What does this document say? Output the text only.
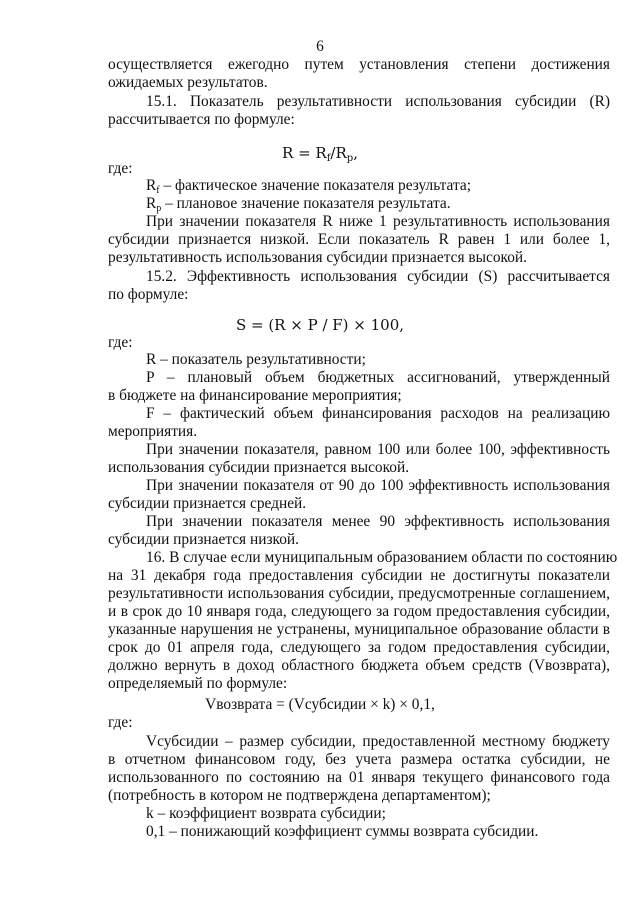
6
осуществляется ежегодно путем установления степени достижения
ожидаемых результатов.
15.1. Показатель результативности использования субсидии (R)
рассчитывается по формуле:
$R = R_f/R_p$,
где:
$R_f$ – фактическое значение показателя результата;
$R_p$ – плановое значение показателя результата.
При значении показателя R ниже 1 результативность использования
субсидии признается низкой. Если показатель R равен 1 или более 1,
результативность использования субсидии признается высокой.
15.2. Эффективность использования субсидии (S) рассчитывается
по формуле:
S = (R × P / F) × 100,
где:
R – показатель результативности;
P – плановый объем бюджетных ассигнований, утвержденный
в бюджете на финансирование мероприятия;
F – фактический объем финансирования расходов на реализацию
мероприятия.
При значении показателя, равном 100 или более 100, эффективность
использования субсидии признается высокой.
При значении показателя от 90 до 100 эффективность использования
субсидии признается средней.
При значении показателя менее 90 эффективность использования
субсидии признается низкой.
16. В случае если муниципальным образованием области по состоянию
на 31 декабря года предоставления субсидии не достигнуты показатели
результативности использования субсидии, предусмотренные соглашением,
и в срок до 10 января года, следующего за годом предоставления субсидии,
указанные нарушения не устранены, муниципальное образование области в
срок до 01 апреля года, следующего за годом предоставления субсидии,
должно вернуть в доход областного бюджета объем средств (Vвозврата),
определяемый по формуле:
Vвозврата = (Vсубсидии × k) × 0,1,
где:
Vсубсидии – размер субсидии, предоставленной местному бюджету
в отчетном финансовом году, без учета размера остатка субсидии, не
использованного по состоянию на 01 января текущего финансового года
(потребность в котором не подтверждена департаментом);
k – коэффициент возврата субсидии;
0,1 – понижающий коэффициент суммы возврата субсидии.
